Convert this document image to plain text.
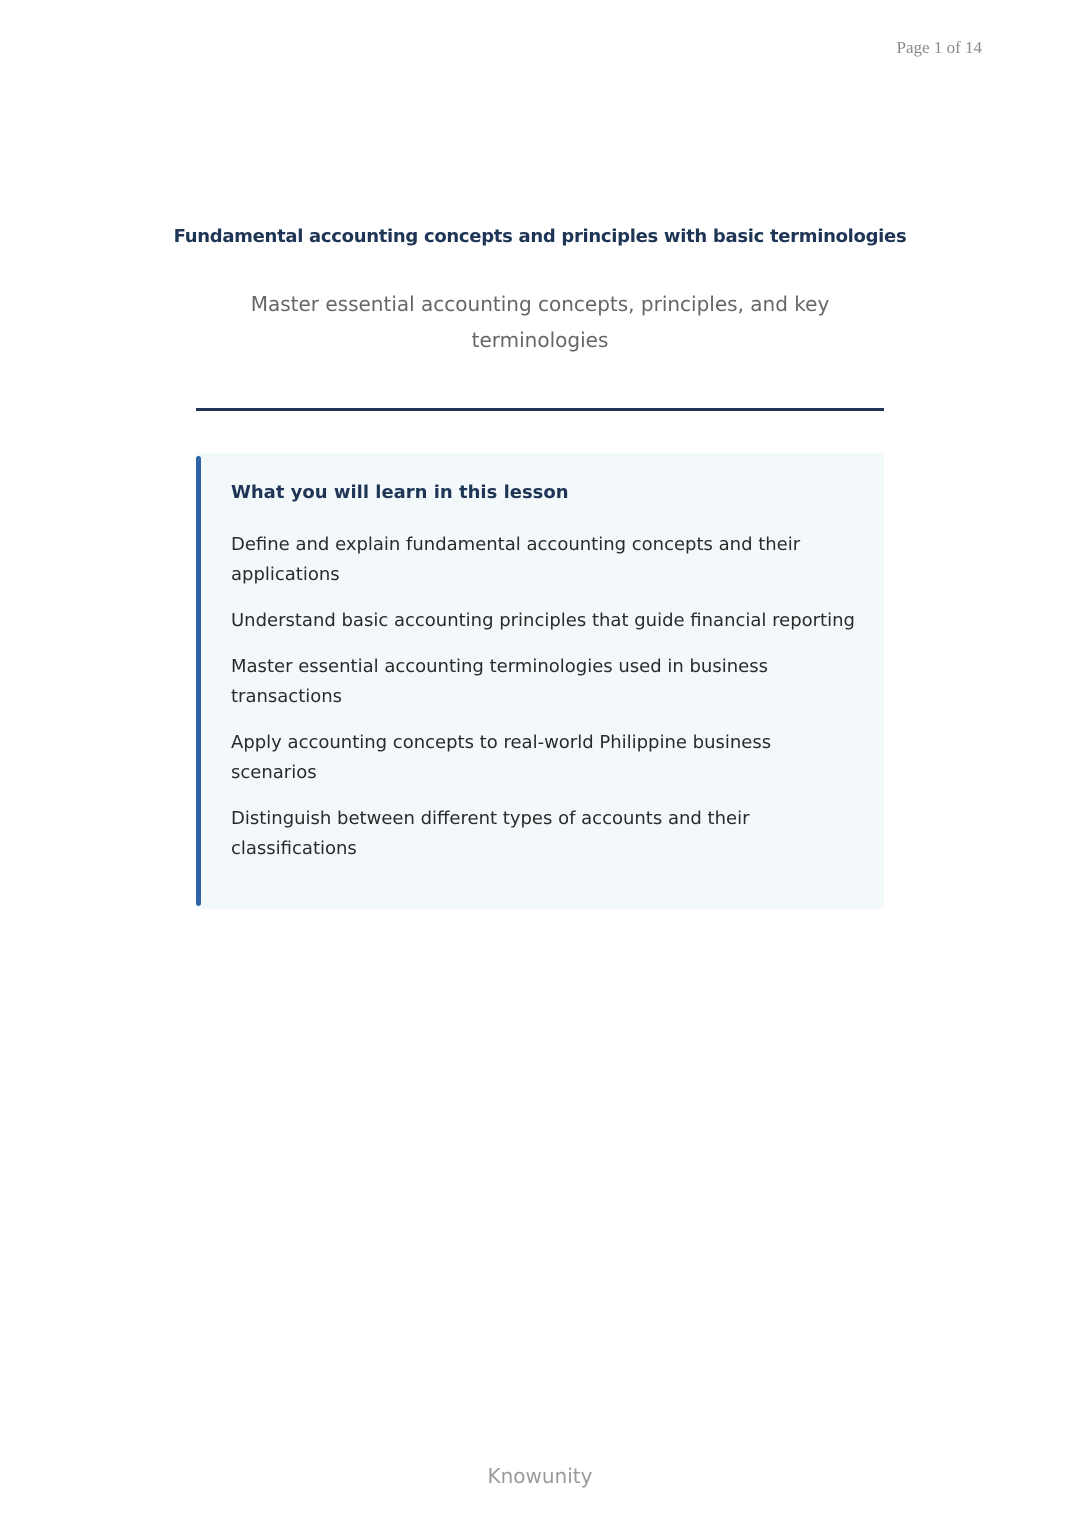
Page 1 of 14
Fundamental accounting concepts and principles with basic terminologies
Master essential accounting concepts, principles, and key terminologies
What you will learn in this lesson
Define and explain fundamental accounting concepts and their applications
Understand basic accounting principles that guide financial reporting
Master essential accounting terminologies used in business transactions
Apply accounting concepts to real-world Philippine business scenarios
Distinguish between different types of accounts and their classifications
Knowunity
